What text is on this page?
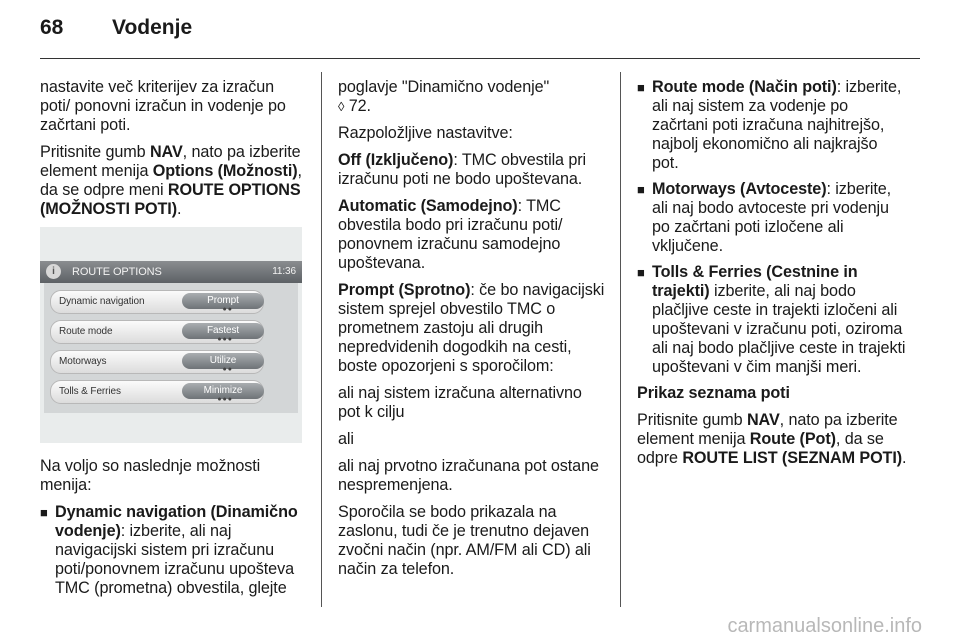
68 Vodenje

nastavite več kriterijev za izračun poti/ ponovni izračun in vodenje po začrtani poti.

Pritisnite gumb NAV, nato pa izberite element menija Options (Možnosti), da se odpre meni ROUTE OPTIONS (MOŽNOSTI POTI).

i	ROUTE OPTIONS	11:36
Dynamic navigation	Prompt
●●
Route mode	Fastest
●●●
Motorways	Utilize
●●
Tolls & Ferries	Minimize
●●●

Na voljo so naslednje možnosti menija:

■ Dynamic navigation (Dinamično vodenje): izberite, ali naj navigacijski sistem pri izračunu poti/ponovnem izračunu upošteva TMC (prometna) obvestila, glejte

poglavje "Dinamično vodenje"
◊ 72.

Razpoložljive nastavitve:

Off (Izključeno): TMC obvestila pri izračunu poti ne bodo upoštevana.

Automatic (Samodejno): TMC obvestila bodo pri izračunu poti/ ponovnem izračunu samodejno upoštevana.

Prompt (Sprotno): če bo navigacijski sistem sprejel obvestilo TMC o prometnem zastoju ali drugih nepredvidenih dogodkih na cesti, boste opozorjeni s sporočilom:

ali naj sistem izračuna alternativno pot k cilju

ali

ali naj prvotno izračunana pot ostane nespremenjena.

Sporočila se bodo prikazala na zaslonu, tudi če je trenutno dejaven zvočni način (npr. AM/FM ali CD) ali način za telefon.

■ Route mode (Način poti): izberite, ali naj sistem za vodenje po začrtani poti izračuna najhitrejšo, najbolj ekonomično ali najkrajšo pot.
■ Motorways (Avtoceste): izberite, ali naj bodo avtoceste pri vodenju po začrtani poti izločene ali vključene.
■ Tolls & Ferries (Cestnine in trajekti) izberite, ali naj bodo plačljive ceste in trajekti izločeni ali upoštevani v izračunu poti, oziroma ali naj bodo plačljive ceste in trajekti upoštevani v čim manjši meri.

Prikaz seznama poti

Pritisnite gumb NAV, nato pa izberite element menija Route (Pot), da se odpre ROUTE LIST (SEZNAM POTI).

carmanualsonline.info
